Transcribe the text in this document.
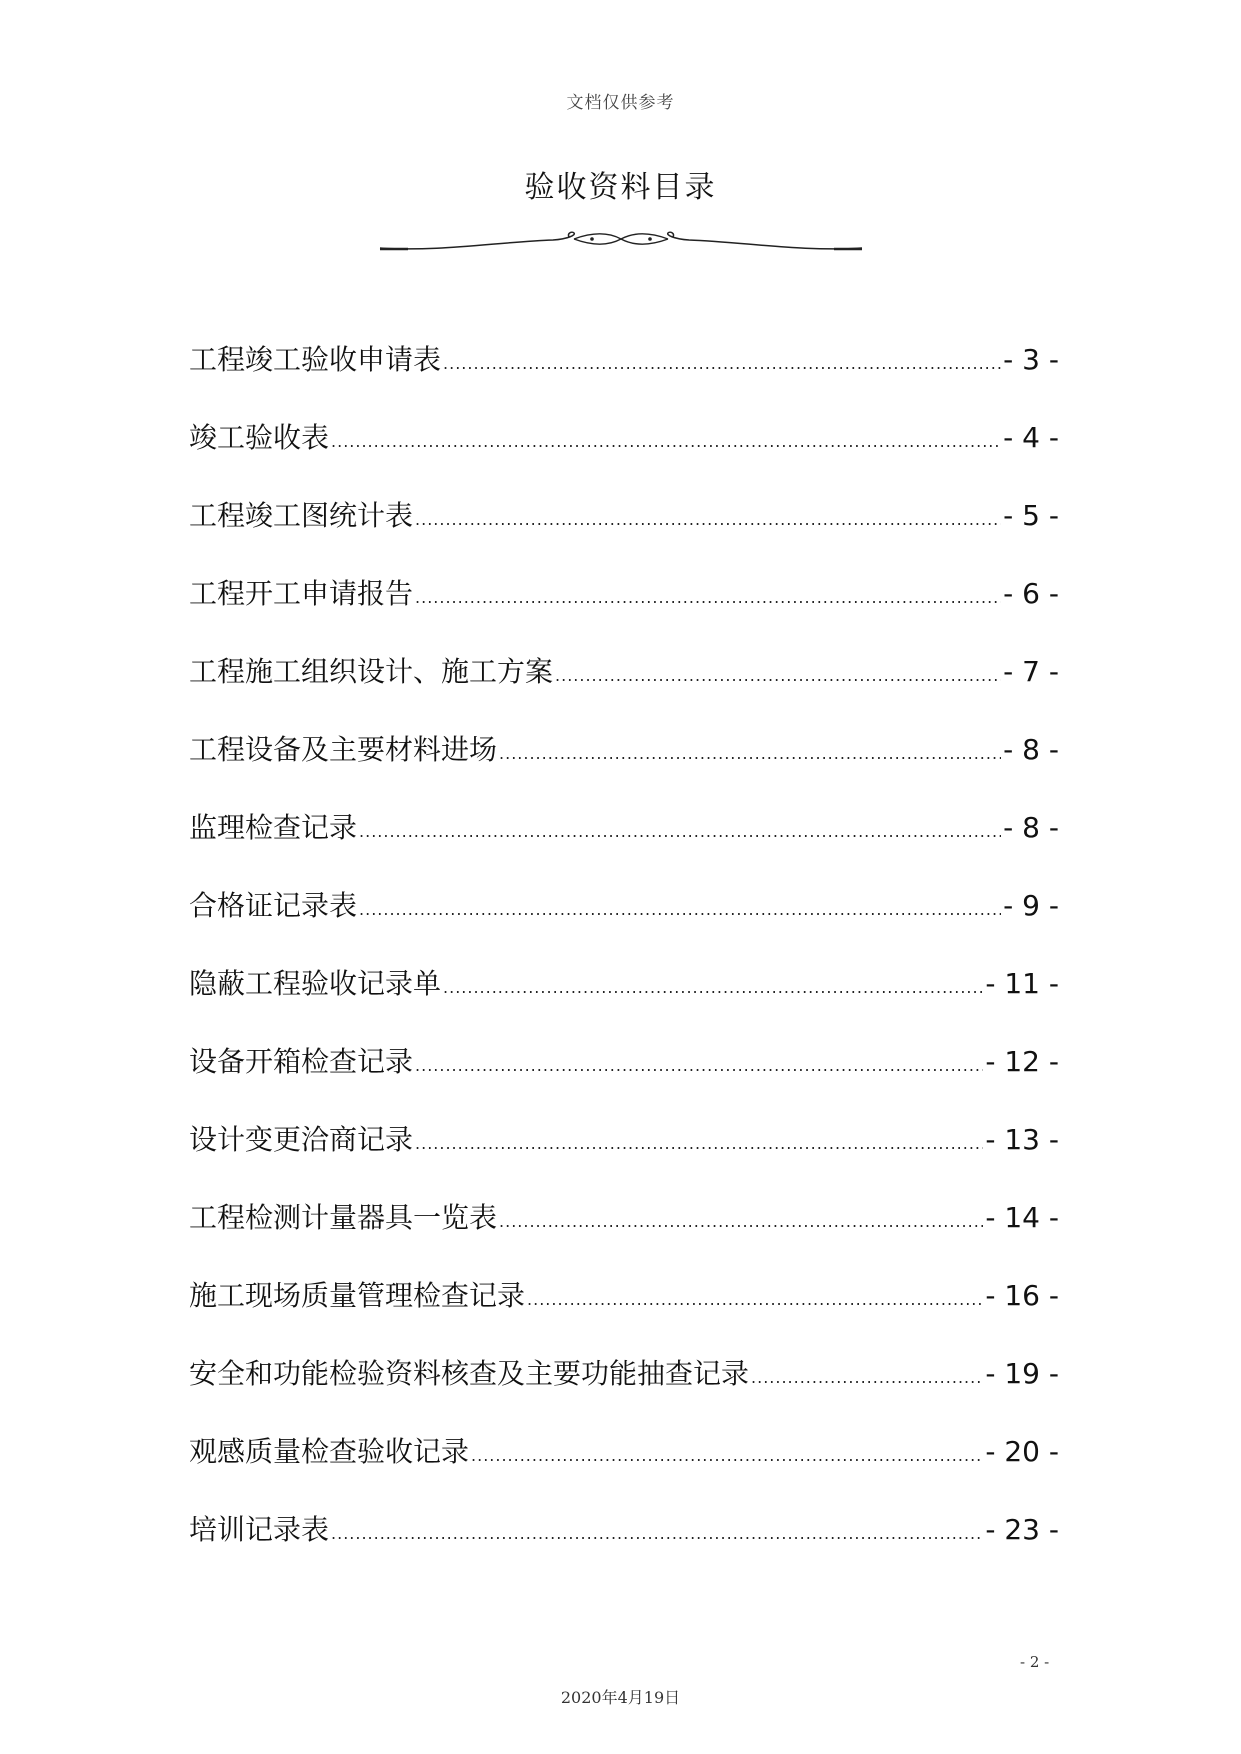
文档仅供参考
验收资料目录
工程竣工验收申请表 .....	- 3 -
竣工验收表 .....	- 4 -
工程竣工图统计表 .....	- 5 -
工程开工申请报告 .....	- 6 -
工程施工组织设计、施工方案 .....	- 7 -
工程设备及主要材料进场 .....	- 8 -
监理检查记录 .....	- 8 -
合格证记录表 .....	- 9 -
隐蔽工程验收记录单 .....	- 11 -
设备开箱检查记录 .....	- 12 -
设计变更洽商记录 .....	- 13 -
工程检测计量器具一览表 .....	- 14 -
施工现场质量管理检查记录 .....	- 16 -
安全和功能检验资料核查及主要功能抽查记录 .....	- 19 -
观感质量检查验收记录 .....	- 20 -
培训记录表 .....	- 23 -
- 2 -
2020年4月19日
